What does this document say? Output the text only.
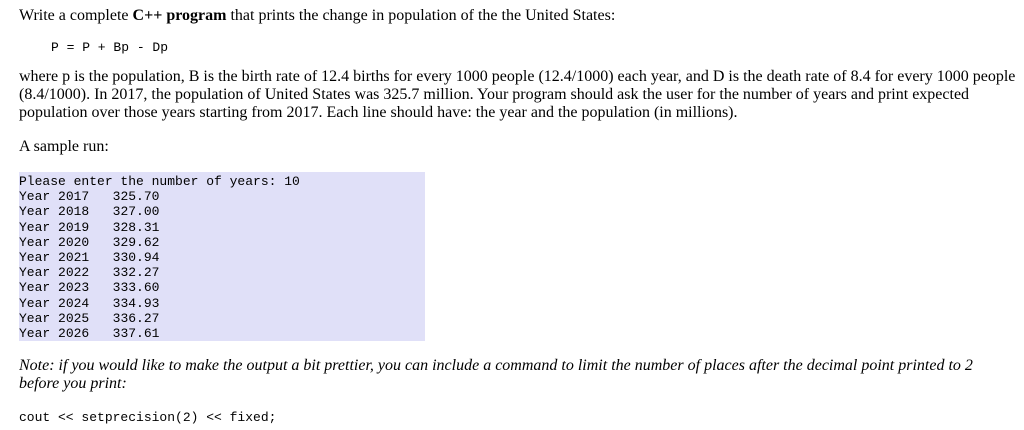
Write a complete C++ program that prints the change in population of the the United States:

P = P + Bp - Dp
where p is the population, B is the birth rate of 12.4 births for every 1000 people (12.4/1000) each year, and D is the death rate of 8.4 for every 1000 people
(8.4/1000). In 2017, the population of United States was 325.7 million. Your program should ask the user for the number of years and print expected
population over those years starting from 2017. Each line should have: the year and the population (in millions).

A sample run:

Please enter the number of years: 10
Year 2017 325.70
Year 2018 327.00
Year 2019 328.31
Year 2020 329.62
Year 2021 330.94
Year 2022 332.27
Year 2023 333.60
Year 2024 334.93
Year 2025 336.27
Year 2026 337.61
Note: if you would like to make the output a bit prettier, you can include a command to limit the number of places after the decimal point printed to 2
before you print:
cout << setprecision(2) << fixed;
